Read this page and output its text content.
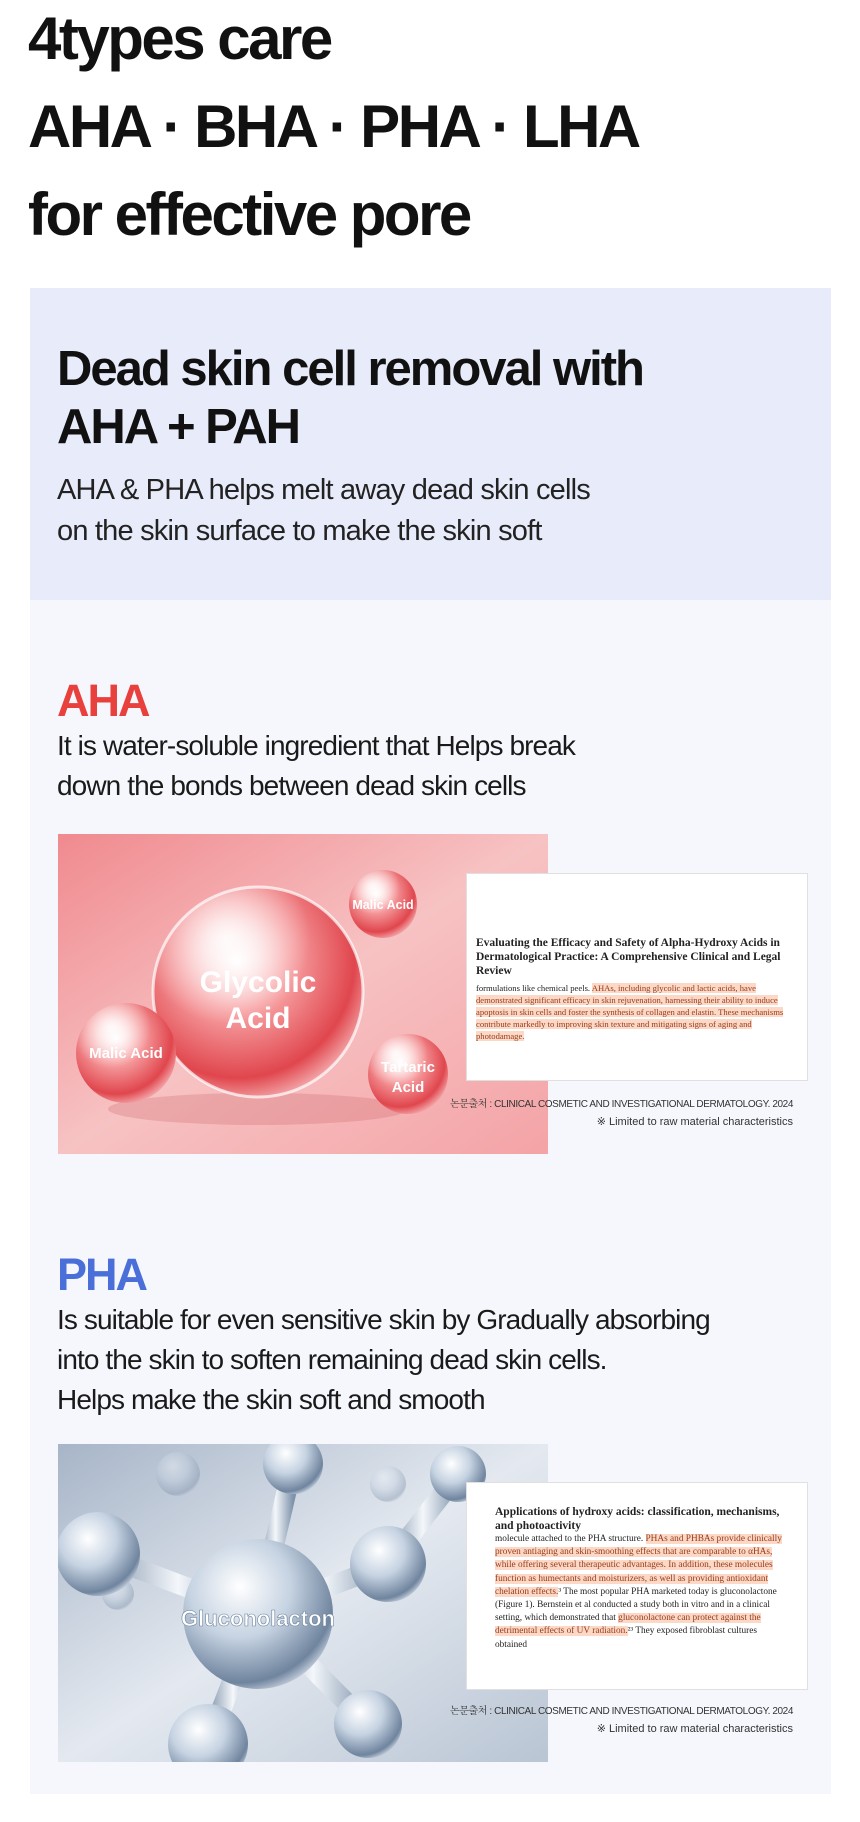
4types care

AHA · BHA · PHA · LHA

for effective pore

Dead skin cell removal with
AHA + PAH

AHA & PHA helps melt away dead skin cells
on the skin surface to make the skin soft

AHA

It is water-soluble ingredient that Helps break
down the bonds between dead skin cells

Glycolic
Acid
Malic Acid
Malic Acid
Tartaric
Acid
Evaluating the Efficacy and Safety of Alpha-Hydroxy Acids in Dermatological Practice: A Comprehensive Clinical and Legal Review
formulations like chemical peels. AHAs, including glycolic and lactic acids, have demonstrated significant efficacy in skin rejuvenation, harnessing their ability to induce apoptosis in skin cells and foster the synthesis of collagen and elastin. These mechanisms contribute markedly to improving skin texture and mitigating signs of aging and photodamage.
논문출처 : CLINICAL COSMETIC AND INVESTIGATIONAL DERMATOLOGY. 2024
※ Limited to raw material characteristics
PHA

Is suitable for even sensitive skin by Gradually absorbing
into the skin to soften remaining dead skin cells.
Helps make the skin soft and smooth

Gluconolacton
Applications of hydroxy acids: classification, mechanisms, and photoactivity
molecule attached to the PHA structure. PHAs and PHBAs provide clinically proven antiaging and skin-smoothing effects that are comparable to αHAs, while offering several therapeutic advantages. In addition, these molecules function as humectants and moisturizers, as well as providing antioxidant chelation effects.³ The most popular PHA marketed today is gluconolactone (Figure 1). Bernstein et al conducted a study both in vitro and in a clinical setting, which demonstrated that gluconolactone can protect against the detrimental effects of UV radiation.²³ They exposed fibroblast cultures obtained
논문출처 : CLINICAL COSMETIC AND INVESTIGATIONAL DERMATOLOGY. 2024
※ Limited to raw material characteristics
